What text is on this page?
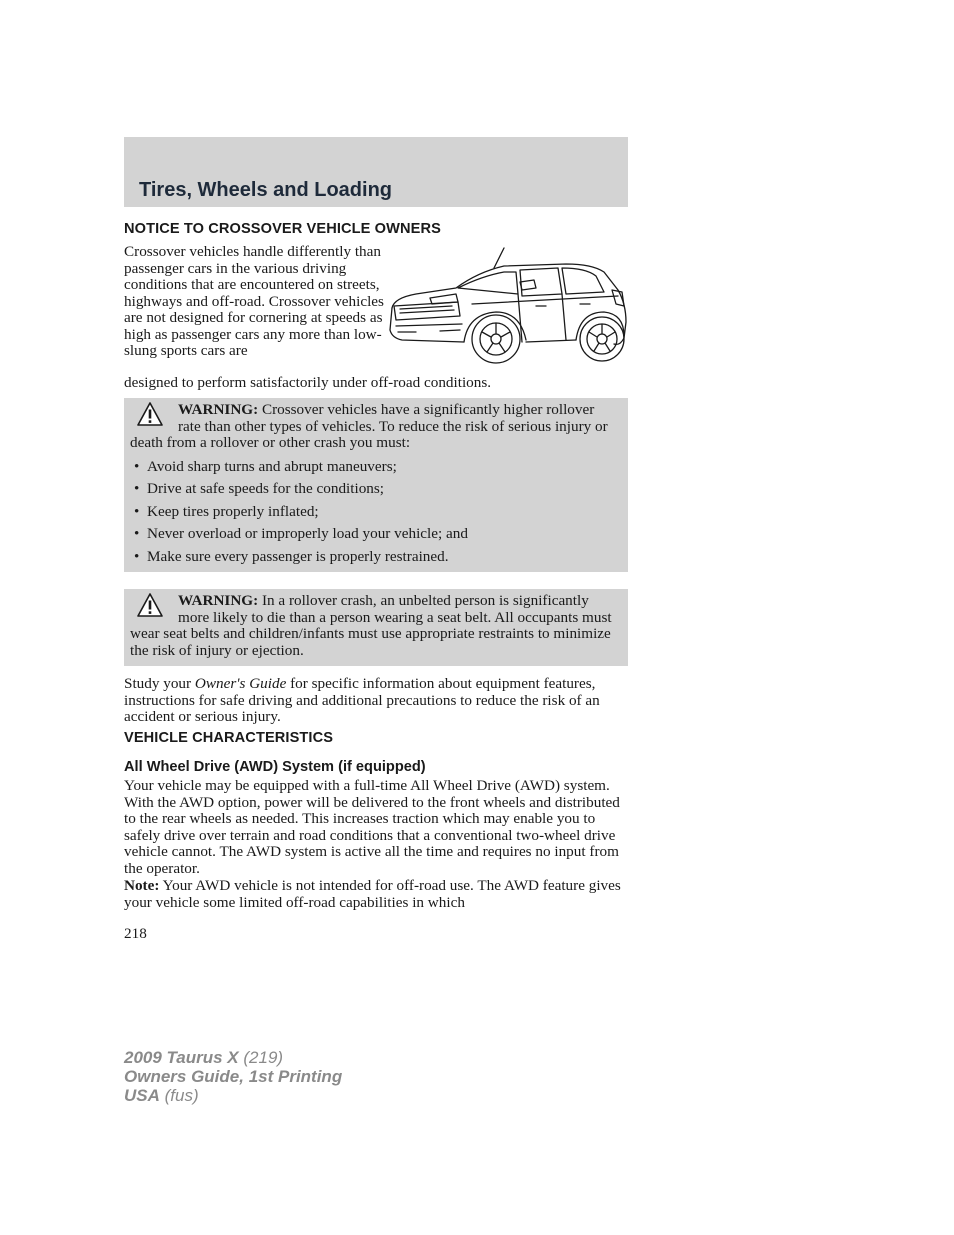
Tires, Wheels and Loading
NOTICE TO CROSSOVER VEHICLE OWNERS

Crossover vehicles handle differently than passenger cars in the various driving conditions that are encountered on streets, highways and off-road. Crossover vehicles are not designed for cornering at speeds as high as passenger cars any more than low-slung sports cars are

designed to perform satisfactorily under off-road conditions.

WARNING: Crossover vehicles have a significantly higher rollover rate than other types of vehicles. To reduce the risk of serious injury or death from a rollover or other crash you must:

• Avoid sharp turns and abrupt maneuvers;
• Drive at safe speeds for the conditions;
• Keep tires properly inflated;
• Never overload or improperly load your vehicle; and
• Make sure every passenger is properly restrained.

WARNING: In a rollover crash, an unbelted person is significantly more likely to die than a person wearing a seat belt. All occupants must wear seat belts and children/infants must use appropriate restraints to minimize the risk of injury or ejection.

Study your Owner's Guide for specific information about equipment features, instructions for safe driving and additional precautions to reduce the risk of an accident or serious injury.

VEHICLE CHARACTERISTICS
All Wheel Drive (AWD) System (if equipped)

Your vehicle may be equipped with a full-time All Wheel Drive (AWD) system. With the AWD option, power will be delivered to the front wheels and distributed to the rear wheels as needed. This increases traction which may enable you to safely drive over terrain and road conditions that a conventional two-wheel drive vehicle cannot. The AWD system is active all the time and requires no input from the operator.

Note: Your AWD vehicle is not intended for off-road use. The AWD feature gives your vehicle some limited off-road capabilities in which

218

2009 Taurus X (219)
Owners Guide, 1st Printing
USA (fus)
